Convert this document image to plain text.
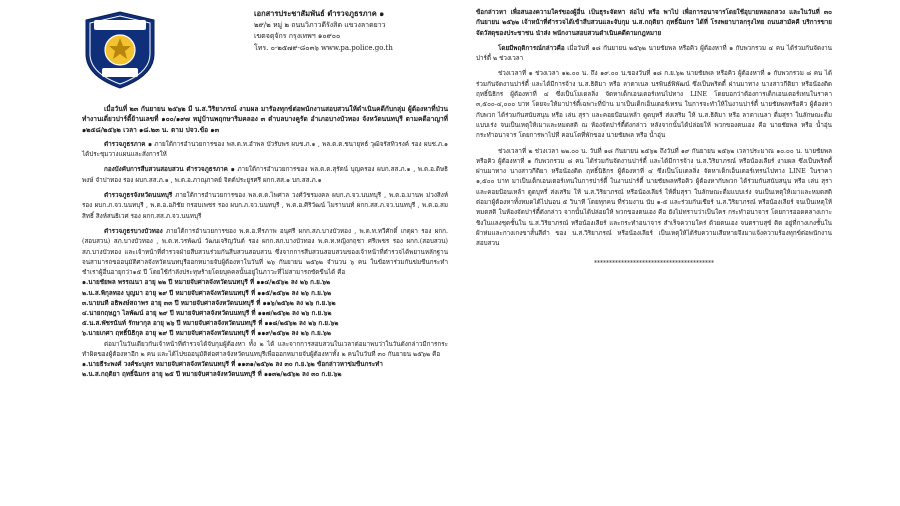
เอกสารประชาสัมพันธ์ ตำรวจภูธรภาค ๑
๒๙/๒ หมู่ ๒ ถนนวิภาวดีรังสิต แขวงลาดยาว
เขตจตุจักร กรุงเทพฯ ๑๐๙๐๐
โทร. ๐-๒๕๗๙-๘๐๓๖ www.pa.police.go.th

เมื่อวันที่ ๒๓ กันยายน ๒๕๖๒ มี น.ส.วิริยาภรณ์ งามผล มารัองทุกข์ต่อพนักงานสอบสวนให้ดำเนินคดีกับกลุ่ม ผู้ต้องหาที่ป่วนทำงานเดี่ยวปาร์ตี้ย้านเลขที่ ๑๐๐/๑๙๗ หมู่บ้านพฤกษาริมคลอง ๓ ตำบลบางคูรัด อำเภอบางบัวทอง จังหวัดนนทบุรี ตามคดีอาญาที่ ๑๒๕๘/๒๕๖๒ เวลา ๑๘.๒๓ น. ตาม ปจว.ข้อ ๑๓

ตำรวจภูธรภาค ๑ ภายใต้การอำนวยการของ พล.ต.ท.อำพล บัวรับพร ผบช.ภ.๑ , พล.ต.ต.ชนายุทธ์ วุฒิจรัสทิวรงค์ รอง ผบช.ภ.๑ ได้ประชุมวางแผนและสั่งการให้

กองบังคับการสืบสวนสอบสวน ตำรวจภูธรภาค ๑ ภายใต้การอำนวยการของ พล.ต.ต.สุรัตน์ บุญครอง ผบก.สส.ภ.๑ , พ.ต.อ.ดิษธิพงษ์ จำปาทอง รอง ผบก.สส.ภ.๑ , พ.ต.อ.ภาณุภาคย์ จิตต์ประยูรศรี ผกก.สส.๑ บก.สส.ภ.๑

ตำรวจภูธรจังหวัดนนทบุรี ภายใต้การอำนวยการของ พล.ต.ต.ไพศาล วงศ์วัชรมงคล ผบก.ภ.จว.นนทบุรี , พ.ต.อ.มานพ ม่วงสิงห์ รอง ผบก.ภ.จว.นนทบุรี , พ.ต.อ.อภิชัย กรอบเพชร รอง ผบก.ภ.จว.นนทบุรี , พ.ต.อ.ศิริวัฒน์ ไมรานนท์ ผกก.สส.ภ.จว.นนทบุรี , พ.ต.อ.สมสิทธิ์ สิงห์สนธิเวศ รอง ผกก.สส.ภ.จว.นนทบุรี

ตำรวจภูธรบางบัวทอง ภายใต้การอำนวยการของ พ.ต.อ.ทีรภาพ อนุศรี ผกก.สภ.บางบัวทอง , พ.ต.ท.ทวีศักดิ์ เกตุผา รอง ผกก.(สอบสวน) สภ.บางบัวทอง , พ.ต.ท.วรพัฒน์ วัฒนเจริญวันต์ รอง ผกก.สภ.บางบัวทอง พ.ต.ท.หญิงกฤชา ศรีเพชร รอง ผกก.(สอบสวน) สภ.บางบัวทอง และเจ้าหน้าที่ตำรวจฝ่ายสืบสวนร่วมกันสืบสวนสอบสวน ซึ่งจากการสืบสวนสอบสวนของเจ้าหน้าที่ตำรวจได้พยานหลักฐาน จนสามารถขออนุมัติศาลจังหวัดนนทบุรีออกหมายจับผู้ต้องหาในวันที่ ๒๖ กันยายน ๒๕๖๒ จำนวน ๖ คน ในข้อหาร่วมกันข่มขืนกระทำชำเราผู้อื่นอายุกว่า๑๕ ปี โดยใช้กำลังประทุษร้ายโดยบุคคลนั้นอยู่ในภาวะที่ไม่สามารถขัดขืนได้ คือ

๑.นายชัยพล พรรณนา อายุ ๒๒ ปี หมายจับศาลจังหวัดนนทบุรี ที่ ๑๑๔/๒๕๖๒ ลง ๒๖ ก.ย.๖๒
๒.น.ส.พิกุลทอง บุญมา อายุ ๒๙ ปี หมายจับศาลจังหวัดนนทบุรี ที่ ๑๑๕/๒๕๖๒ ลง ๒๖ ก.ย.๖๒
๓.นายนที อธิพงษ์สถาพร อายุ ๓๓ ปี หมายจับศาลจังหวัดนนทบุรี ที่ ๑๑๖/๒๕๖๒ ลง ๒๖ ก.ย.๖๒
๔.นายกฤษฎา ไลพัฒน์ อายุ ๒๙ ปี หมายจับศาลจังหวัดนนทบุรี ที่ ๑๑๗/๒๕๖๒ ลง ๒๖ ก.ย.๖๒
๕.น.ส.พัชรนันท์ รักษากุล อายุ ๒๖ ปี หมายจับศาลจังหวัดนนทบุรี ที่ ๑๑๘/๒๕๖๒ ลง ๒๖ ก.ย.๖๒
๖.นายเกศา ฤทธิ์นิธิกุล อายุ ๒๙ ปี หมายจับศาลจังหวัดนนทบุรี ที่ ๑๑๙/๒๕๖๒ ลง ๒๖ ก.ย.๖๒

ต่อมาในวันเดียวกันเจ้าหน้าที่ตำรวจได้จับกุมผู้ต้องหา ทั้ง ๒ ได้ และจากการสอบสวนในเวลาต่อมาพบว่าในวันดังกล่าวมีการกระทำผิดของผู้ต้องหาอีก ๒ คน และได้ไปขออนุมัติต่อศาลจังหวัดนนทบุรีเพื่อออกหมายจับผู้ต้องหาทั้ง ๒ คนในวันที่ ๓๐ กันยายน ๒๕๖๒ คือ

๑.นายธีระพงศ์ วงศ์ชะบุตร หมายจับศาลจังหวัดนนทบุรี ที่ ๑๑๓๑/๒๕๖๒ ลง ๓๐ ก.ย.๖๒ ข้อกล่าวหาข่มขืนกระทำ
๒.น.ส.กฤติยา ฤทธิ์ฉิมกร อายุ ๒๕ ปี หมายจับศาลจังหวัดนนทบุรี ที่ ๑๑๓๒/๒๕๖๒ ลง ๓๐ ก.ย.๖๒

ข้อกล่าวหา เพื่อสนองความใคร่ของผู้อื่น เป็นธุระจัดหา ล่อไป หรือ พาไป เพื่อการอนาจารโดยใช้อุบายหลอกลวง และในวันที่ ๓๐ กันยายน ๒๕๖๒ เจ้าหน้าที่ตำรวจได้เข้าสืบสวนและจับกุม น.ส.กฤติยา ฤทธิ์ฉิมกร ได้ที่ โรงพยาบาลกรุงไทย ถนนสามัคคี บริการขายจัดวัสดุของประชาชน นำส่ง พนักงานสอบสวนดำเนินคดีตามกฎหมาย

โดยมีพฤติการณ์กล่าวคือ เมื่อวันที่ ๑๘ กันยายน ๒๕๖๒ นายชัยพล หรือคิว ผู้ต้องหาที่ ๑ กับพวกรวม ๔ คน ได้ร่วมกันจัดงานปาร์ตี้ ๒ ช่วงเวลา

ช่วงเวลาที่ ๑ ช่วงเวลา ๑๒.๐๐ น. ถึง ๑๙.๐๐ น.ของวันที่ ๑๘ ก.ย.๖๒ นายชัยพล หรือคิว ผู้ต้องหาที่ ๑ กับพวกรวม ๘ คน ได้ร่วมกันจัดงานปาร์ตี้ และได้มีการจ้าง น.ส.ธิติมา หรือ ลาตาเนล นรพินธ์พิพัฒน์ ซึ่งเป็นพริตตี้ ผ่านมาทาง นางสาวกีติยา หรือน้องติด ฤทธิ์นิธิกร ผู้ต้องหาที่ ๔ ซึ่งเป็นโมเดลลิ่ง จัดหาเด็กเอนเตอร์เทนไปทาง LINE โดยบอกว่าต้องการเด็กเอนเตอร์เทนในราคา ๓,๕๐๐-๔,๐๐๐ บาท โดยจะให้มาปาร์ตี้เฉพาะที่บ้าน มาเป็นเด็กเอ็นเตอร์เทรน ในการจะทำให้ในงานปาร์ตี้ นายชัยพลหรือคิว ผู้ต้องหากับพวก ได้ร่วมกันสนับสนุน หรือ เล่น สุรา และคอยป้อนเหล้า ดูดบุหรี่ ส่งเสริม ให้ น.ส.ธิติมา หรือ ลาตาเนลา ดื่มสุรา ในลักษณะดื่มแบบเร่ง จนเป็นเหตุให้เมาและหมดสติ ณ ห้องจัดปาร์ตี้ดังกล่าว หลังจากนั้นได้ปล่อยให้ พวกของตนเอง คือ นายชัยพล หรือ น้ำอุ่น กระทำอนาจาร โดยการพาไปที่ คอนโดที่พักของ นายชัยพล หรือ น้ำอุ่น

ช่วงเวลาที่ ๒ ช่วงเวลา ๒๒.๐๐ น. วันที่ ๑๘ กันยายน ๒๕๖๒ ถึงวันที่ ๑๙ กันยายน ๒๕๖๒ เวลาประมาณ ๑๐.๐๐ น. นายชัยพล หรือคิว ผู้ต้องหาที่ ๑ กับพวกรวม ๘ คน ได้ร่วมกันจัดงานปาร์ตี้ และได้มีการจ้าง น.ส.วิริยาภรณ์ หรือน้องเลียร์ งามผล ซึ่งเป็นพริตตี้ ผ่านมาทาง นางสาวกีติยา หรือน้องติด ฤทธิ์นิธิกร ผู้ต้องหาที่ ๔ ซึ่งเป็นโมเดลลิ่ง จัดหาเด็กเอ็นเตอร์เทรนไปทาง LINE ในราคา ๑,๕๐๐ บาท มาเป็นเด็กเอนเตอร์เทนในการปาร์ตี้ ในงานปาร์ตี้ นายชัยพลหรือคิว ผู้ต้องหากับพวก ได้ร่วมกันสนับสนุน หรือ เล่น สุรา และคอยป้อนเหล้า ดูดบุหรี่ ส่งเสริม ให้ น.ส.วิริยาภรณ์ หรือน้องเลียร์ ให้ดื่มสุรา ในลักษณะดื่มแบบเร่ง จนเป็นเหตุให้เมาและหมดสติ ต่อมาผู้ต้องหาทั้งหมดได้ไปนอน ๕ วินาที โดยทุกคน ที่ร่วมงาน นับ ๑-๕ และร่วมกันเชียร์ น.ส.วิริยาภรณ์ หรือน้องเลียร์ จนเป็นเหตุให้หมดสติ ในห้องจัดปาร์ตี้ดังกล่าว จากนั้นได้ปล่อยให้ พวกของตนเอง คือ ยังไม่ทราบว่าเป็นใคร กระทำอนาจาร โดยการออดคลางเกาะชิงในแลงชุดชั้นใน น.ส.วิริยาภรณ์ หรือน้องเลียร์ และกระทำอนาจาร สำเร็จความใคร่ ด้วยตนเอง จนตราบสุข์ ติด อยู่ที่กางเกงชั้นใน ผ้าห่มและกางเกงขาสั้นสีดำ ของ น.ส.วิริยาภรณ์ หรือน้องเลียร์ เป็นเหตุให้ได้รับความเสียหายจึงมาแจ้งความร้องทุกข์ต่อพนักงานสอบสวน

****************************************
